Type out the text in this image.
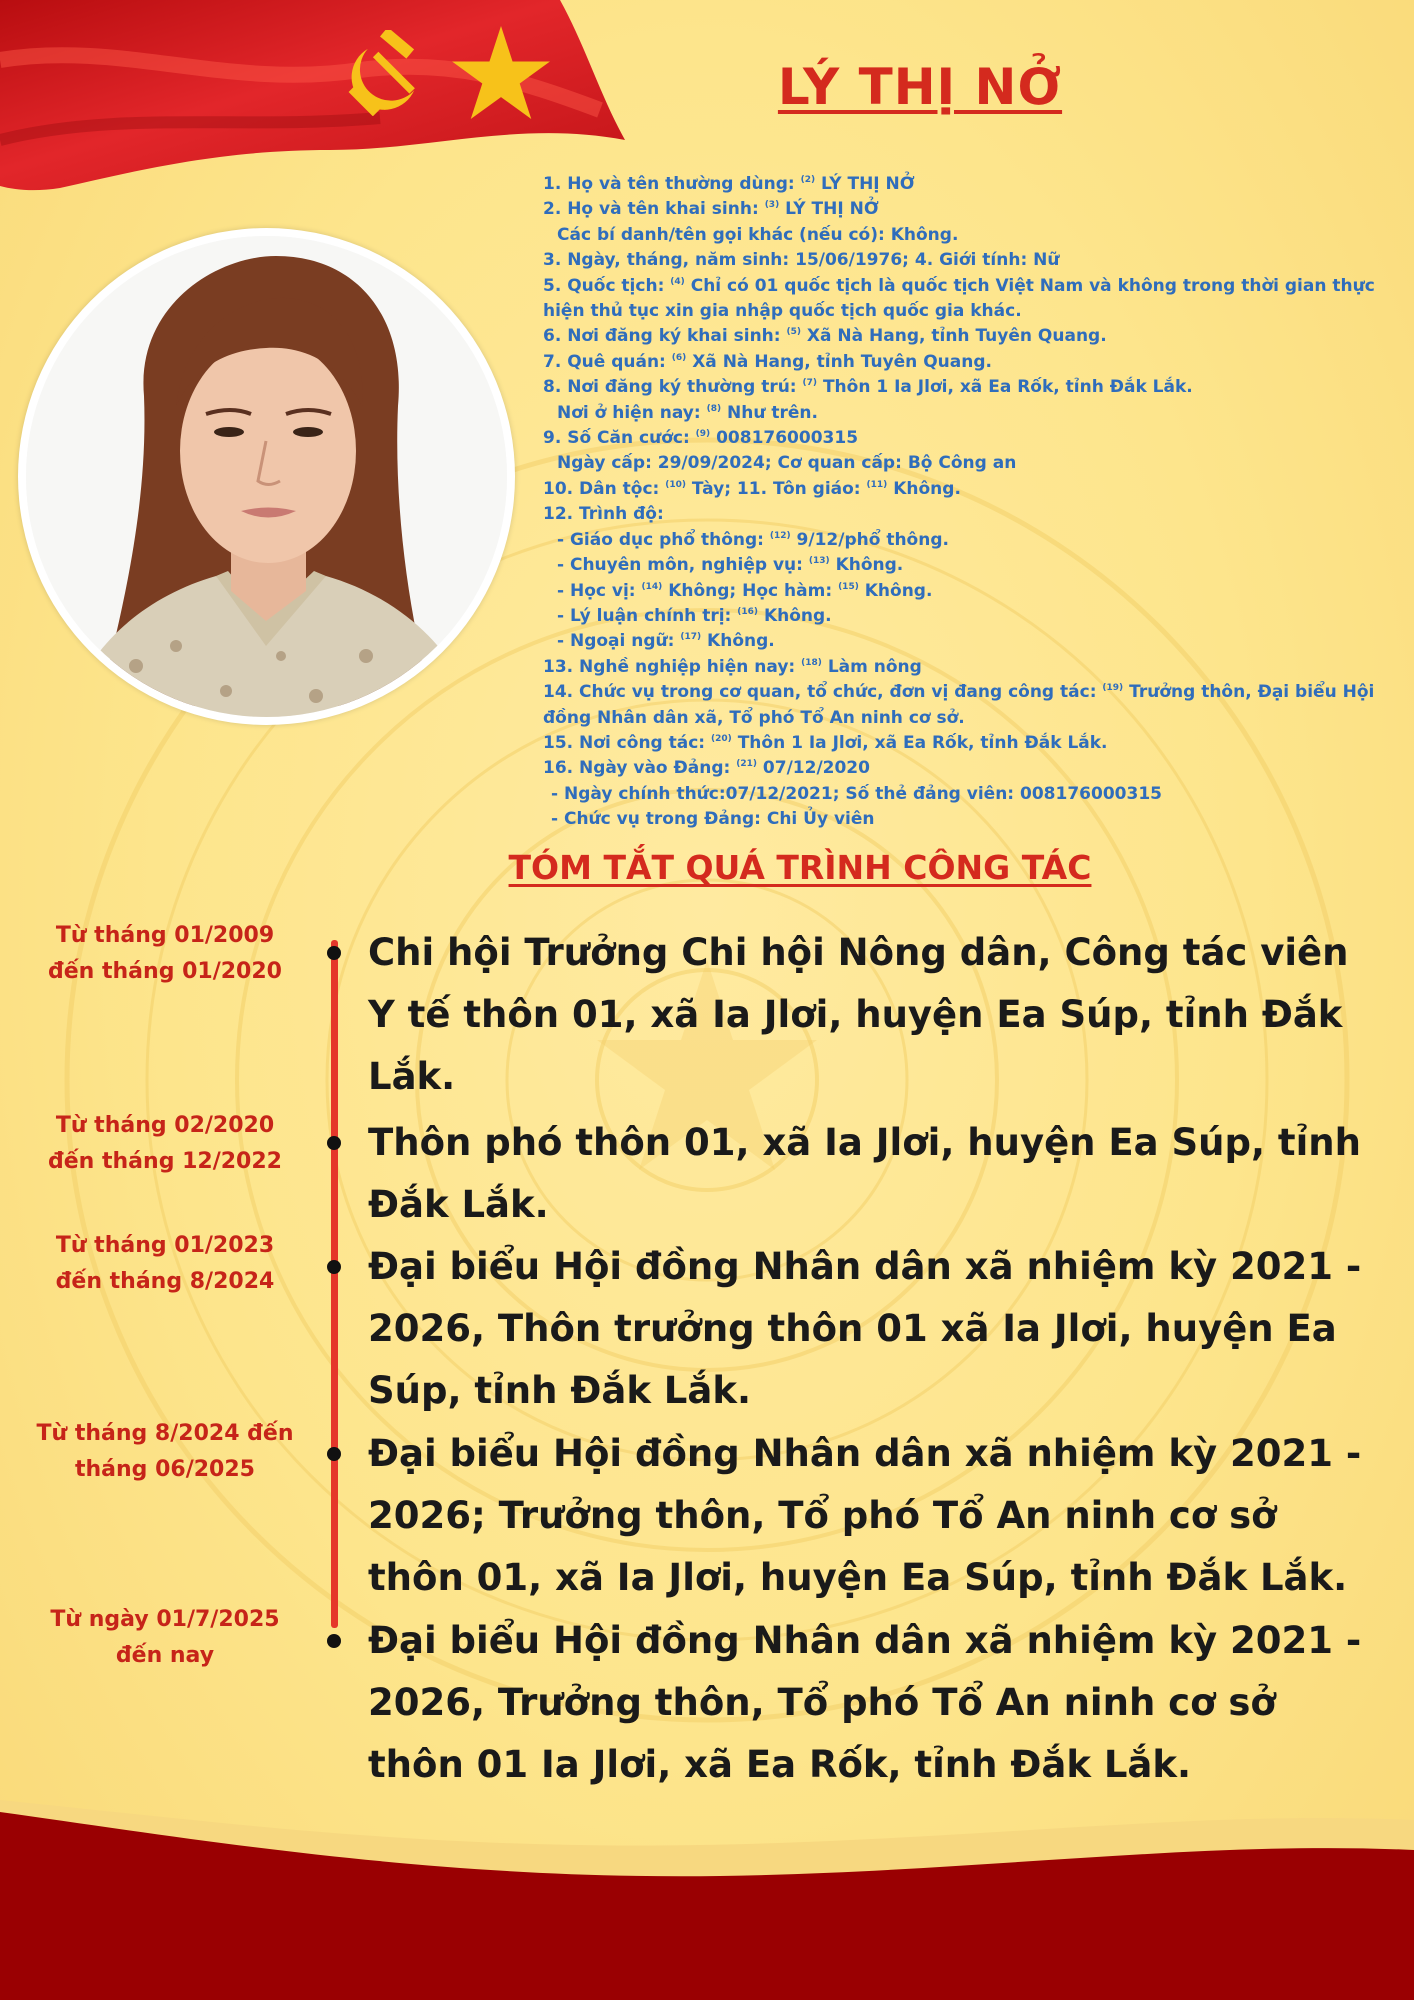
LÝ THỊ NỞ
1. Họ và tên thường dùng: $^{(2)}$ LÝ THỊ NỞ
2. Họ và tên khai sinh: $^{(3)}$ LÝ THỊ NỞ
Các bí danh/tên gọi khác (nếu có): Không.
3. Ngày, tháng, năm sinh: 15/06/1976; 4. Giới tính: Nữ
5. Quốc tịch: $^{(4)}$ Chỉ có 01 quốc tịch là quốc tịch Việt Nam và không trong thời gian thực
hiện thủ tục xin gia nhập quốc tịch quốc gia khác.
6. Nơi đăng ký khai sinh: $^{(5)}$ Xã Nà Hang, tỉnh Tuyên Quang.
7. Quê quán: $^{(6)}$ Xã Nà Hang, tỉnh Tuyên Quang.
8. Nơi đăng ký thường trú: $^{(7)}$ Thôn 1 Ia Jlơi, xã Ea Rốk, tỉnh Đắk Lắk.
Nơi ở hiện nay: $^{(8)}$ Như trên.
9. Số Căn cước: $^{(9)}$ 008176000315
Ngày cấp: 29/09/2024; Cơ quan cấp: Bộ Công an
10. Dân tộc: $^{(10)}$ Tày; 11. Tôn giáo: $^{(11)}$ Không.
12. Trình độ:
- Giáo dục phổ thông: $^{(12)}$ 9/12/phổ thông.
- Chuyên môn, nghiệp vụ: $^{(13)}$ Không.
- Học vị: $^{(14)}$ Không; Học hàm: $^{(15)}$ Không.
- Lý luận chính trị: $^{(16)}$ Không.
- Ngoại ngữ: $^{(17)}$ Không.
13. Nghề nghiệp hiện nay: $^{(18)}$ Làm nông
14. Chức vụ trong cơ quan, tổ chức, đơn vị đang công tác: $^{(19)}$ Trưởng thôn, Đại biểu Hội
đồng Nhân dân xã, Tổ phó Tổ An ninh cơ sở.
15. Nơi công tác: $^{(20)}$ Thôn 1 Ia Jlơi, xã Ea Rốk, tỉnh Đắk Lắk.
16. Ngày vào Đảng: $^{(21)}$ 07/12/2020
- Ngày chính thức:07/12/2021; Số thẻ đảng viên: 008176000315
- Chức vụ trong Đảng: Chi Ủy viên
TÓM TẮT QUÁ TRÌNH CÔNG TÁC
Từ tháng 01/2009
đến tháng 01/2020	Chi hội Trưởng Chi hội Nông dân, Công tác viên
Y tế thôn 01, xã Ia Jlơi, huyện Ea Súp, tỉnh Đắk
Lắk.
Từ tháng 02/2020
đến tháng 12/2022	Thôn phó thôn 01, xã Ia Jlơi, huyện Ea Súp, tỉnh
Đắk Lắk.
Từ tháng 01/2023
đến tháng 8/2024	Đại biểu Hội đồng Nhân dân xã nhiệm kỳ 2021 -
2026, Thôn trưởng thôn 01 xã Ia Jlơi, huyện Ea
Súp, tỉnh Đắk Lắk.
Từ tháng 8/2024 đến
tháng 06/2025	Đại biểu Hội đồng Nhân dân xã nhiệm kỳ 2021 -
2026; Trưởng thôn, Tổ phó Tổ An ninh cơ sở
thôn 01, xã Ia Jlơi, huyện Ea Súp, tỉnh Đắk Lắk.
Từ ngày 01/7/2025
đến nay	Đại biểu Hội đồng Nhân dân xã nhiệm kỳ 2021 -
2026, Trưởng thôn, Tổ phó Tổ An ninh cơ sở
thôn 01 Ia Jlơi, xã Ea Rốk, tỉnh Đắk Lắk.
